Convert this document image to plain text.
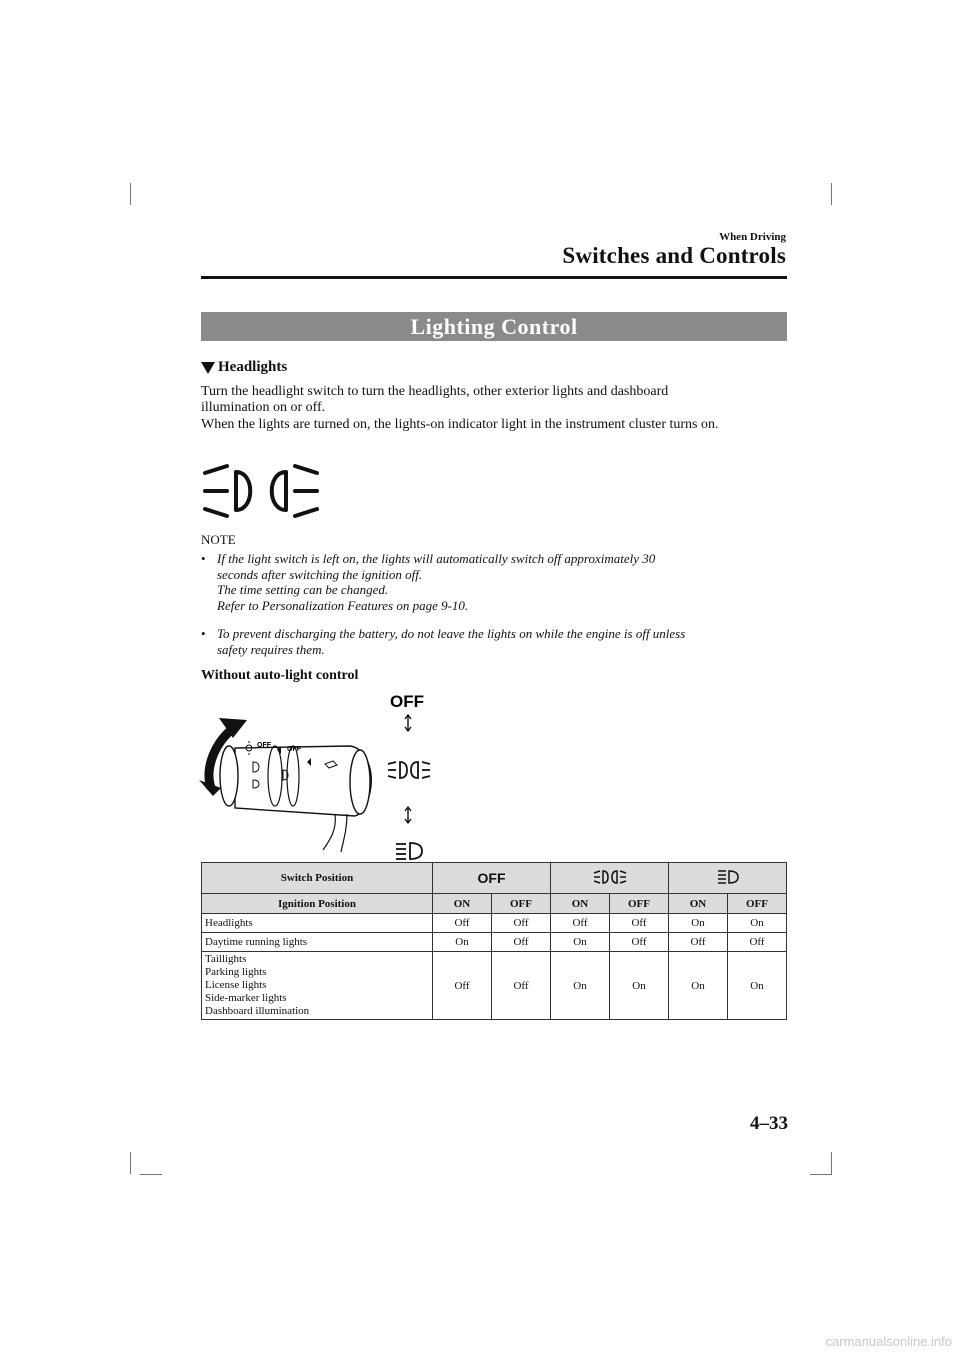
When Driving
Switches and Controls
Lighting Control
Headlights
Turn the headlight switch to turn the headlights, other exterior lights and dashboard
illumination on or off.
When the lights are turned on, the lights-on indicator light in the instrument cluster turns on.
NOTE
• If the light switch is left on, the lights will automatically switch off approximately 30
seconds after switching the ignition off.
The time setting can be changed.
Refer to Personalization Features on page 9-10.
• To prevent discharging the battery, do not leave the lights on while the engine is off unless
safety requires them.
Without auto-light control
OFF
OFF
OFF
Switch Position	OFF		
Ignition Position	ON	OFF	ON	OFF	ON	OFF
Headlights	Off	Off	Off	Off	On	On
Daytime running lights	On	Off	On	Off	Off	Off

Taillights
Parking lights
License lights
Side-marker lights
Dashboard illumination	Off	Off	On	On	On	On
4–33
carmanualsonline.info
